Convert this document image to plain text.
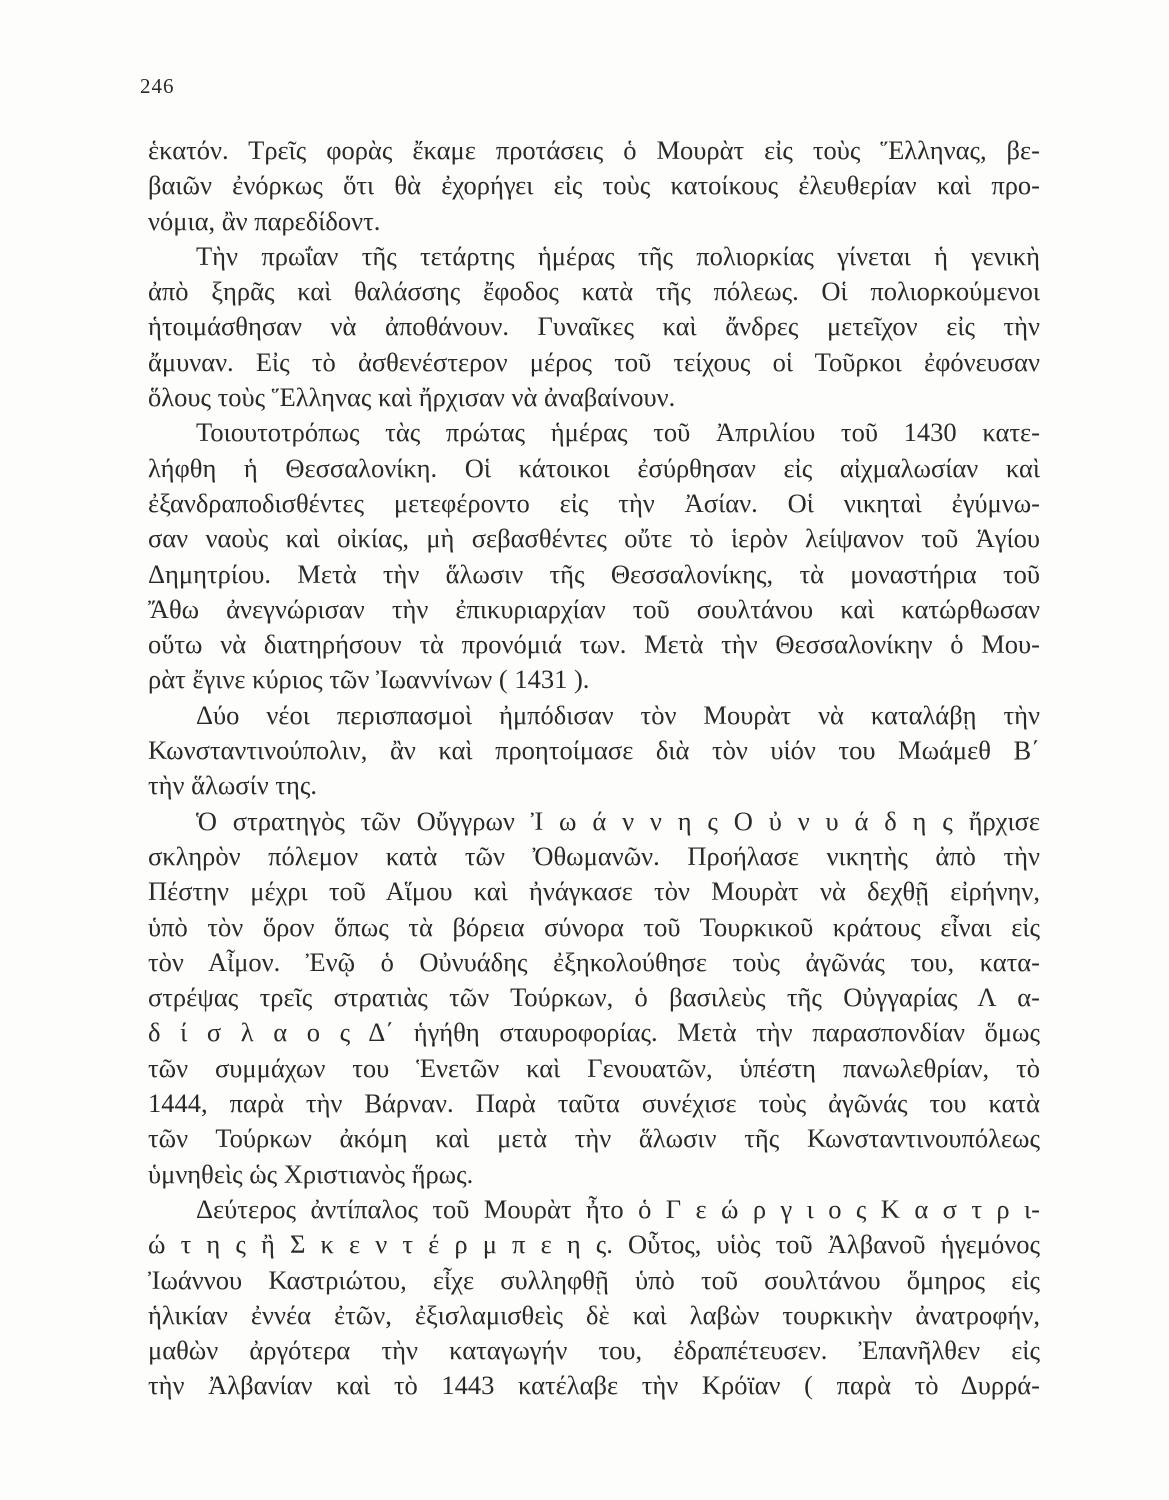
246
ἑκατόν. Τρεῖς φορὰς ἔκαμε προτάσεις ὁ Μουρὰτ εἰς τοὺς Ἕλληνας, βε-
βαιῶν ἐνόρκως ὅτι θὰ ἐχορήγει εἰς τοὺς κατοίκους ἐλευθερίαν καὶ προ-
νόμια, ἂν παρεδίδοντ.
Τὴν πρωΐαν τῆς τετάρτης ἡμέρας τῆς πολιορκίας γίνεται ἡ γενικὴ
ἀπὸ ξηρᾶς καὶ θαλάσσης ἔφοδος κατὰ τῆς πόλεως. Οἱ πολιορκούμενοι
ἡτοιμάσθησαν νὰ ἀποθάνουν. Γυναῖκες καὶ ἄνδρες μετεῖχον εἰς τὴν
ἄμυναν. Εἰς τὸ ἀσθενέστερον μέρος τοῦ τείχους οἱ Τοῦρκοι ἐφόνευσαν
ὅλους τοὺς Ἕλληνας καὶ ἤρχισαν νὰ ἀναβαίνουν.
Τοιουτοτρόπως τὰς πρώτας ἡμέρας τοῦ Ἀπριλίου τοῦ 1430 κατε-
λήφθη ἡ Θεσσαλονίκη. Οἱ κάτοικοι ἐσύρθησαν εἰς αἰχμαλωσίαν καὶ
ἐξανδραποδισθέντες μετεφέροντο εἰς τὴν Ἀσίαν. Οἱ νικηταὶ ἐγύμνω-
σαν ναοὺς καὶ οἰκίας, μὴ σεβασθέντες οὔτε τὸ ἱερὸν λείψανον τοῦ Ἁγίου
Δημητρίου. Μετὰ τὴν ἅλωσιν τῆς Θεσσαλονίκης, τὰ μοναστήρια τοῦ
Ἄθω ἀνεγνώρισαν τὴν ἐπικυριαρχίαν τοῦ σουλτάνου καὶ κατώρθωσαν
οὕτω νὰ διατηρήσουν τὰ προνόμιά των. Μετὰ τὴν Θεσσαλονίκην ὁ Μου-
ρὰτ ἔγινε κύριος τῶν Ἰωαννίνων ( 1431 ).
Δύο νέοι περισπασμοὶ ἠμπόδισαν τὸν Μουρὰτ νὰ καταλάβῃ τὴν
Κωνσταντινούπολιν, ἂν καὶ προητοίμασε διὰ τὸν υἱόν του Μωάμεθ Β΄
τὴν ἅλωσίν της.
Ὁ στρατηγὸς τῶν Οὔγγρων Ἰ ω ά ν ν η ς Ο ὐ ν υ ά δ η ς ἤρχισε
σκληρὸν πόλεμον κατὰ τῶν Ὀθωμανῶν. Προήλασε νικητὴς ἀπὸ τὴν
Πέστην μέχρι τοῦ Αἵμου καὶ ἠνάγκασε τὸν Μουρὰτ νὰ δεχθῇ εἰρήνην,
ὑπὸ τὸν ὅρον ὅπως τὰ βόρεια σύνορα τοῦ Τουρκικοῦ κράτους εἶναι εἰς
τὸν Αἶμον. Ἐνῷ ὁ Οὐνυάδης ἐξηκολούθησε τοὺς ἀγῶνάς του, κατα-
στρέψας τρεῖς στρατιὰς τῶν Τούρκων, ὁ βασιλεὺς τῆς Οὐγγαρίας Λ α-
δ ί σ λ α ο ς Δ΄ ἡγήθη σταυροφορίας. Μετὰ τὴν παρασπονδίαν ὅμως
τῶν συμμάχων του Ἑνετῶν καὶ Γενουατῶν, ὑπέστη πανωλεθρίαν, τὸ
1444, παρὰ τὴν Βάρναν. Παρὰ ταῦτα συνέχισε τοὺς ἀγῶνάς του κατὰ
τῶν Τούρκων ἀκόμη καὶ μετὰ τὴν ἅλωσιν τῆς Κωνσταντινουπόλεως
ὑμνηθεὶς ὡς Χριστιανὸς ἥρως.
Δεύτερος ἀντίπαλος τοῦ Μουρὰτ ἦτο ὁ Γ ε ώ ρ γ ι ο ς Κ α σ τ ρ ι-
ώ τ η ς ἢ Σ κ ε ν τ έ ρ μ π ε η ς. Οὗτος, υἱὸς τοῦ Ἀλβανοῦ ἡγεμόνος
Ἰωάννου Καστριώτου, εἶχε συλληφθῇ ὑπὸ τοῦ σουλτάνου ὅμηρος εἰς
ἡλικίαν ἐννέα ἐτῶν, ἐξισλαμισθεὶς δὲ καὶ λαβὼν τουρκικὴν ἀνατροφήν,
μαθὼν ἀργότερα τὴν καταγωγήν του, ἐδραπέτευσεν. Ἐπανῆλθεν εἰς
τὴν Ἀλβανίαν καὶ τὸ 1443 κατέλαβε τὴν Κρόϊαν ( παρὰ τὸ Δυρρά-
